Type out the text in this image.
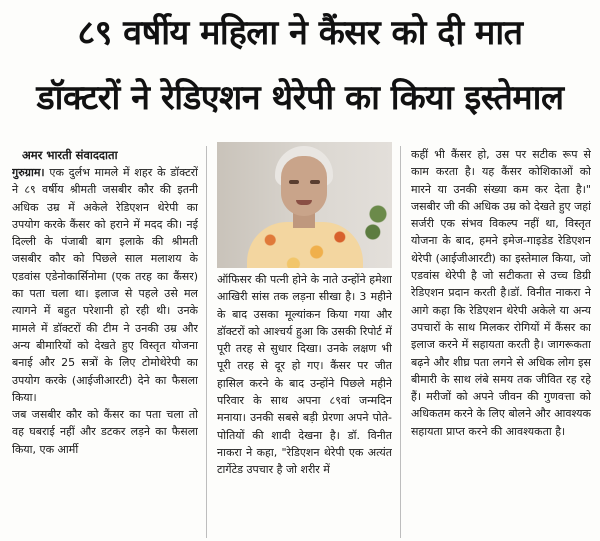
८९ वर्षीय महिला ने कैंसर को दी मात
डॉक्टरों ने रेडिएशन थेरेपी का किया इस्तेमाल
अमर भारती संवाददाता

गुरुग्राम। एक दुर्लभ मामले में शहर के डॉक्टरों ने ८९ वर्षीय श्रीमती जसबीर कौर की इतनी अधिक उम्र में अकेले रेडिएशन थेरेपी का उपयोग करके कैंसर को हराने में मदद की। नई दिल्ली के पंजाबी बाग इलाके की श्रीमती जसबीर कौर को पिछले साल मलाशय के एडवांस एडेनोकार्सिनोमा (एक तरह का कैंसर) का पता चला था। इलाज से पहले उसे मल त्यागने में बहुत परेशानी हो रही थी। उनके मामले में डॉक्टरों की टीम ने उनकी उम्र और अन्य बीमारियों को देखते हुए विस्तृत योजना बनाई और 25 सत्रों के लिए टोमोथेरेपी का उपयोग करके (आईजीआरटी) देने का फैसला किया।

जब जसबीर कौर को कैंसर का पता चला तो वह घबराई नहीं और डटकर लड़ने का फैसला किया, एक आर्मी

ऑफिसर की पत्नी होने के नाते उन्होंने हमेशा आखिरी सांस तक लड़ना सीखा है। 3 महीने के बाद उसका मूल्यांकन किया गया और डॉक्टरों को आश्चर्य हुआ कि उसकी रिपोर्ट में पूरी तरह से सुधार दिखा। उनके लक्षण भी पूरी तरह से दूर हो गए। कैंसर पर जीत हासिल करने के बाद उन्होंने पिछले महीने परिवार के साथ अपना ८९वां जन्मदिन मनाया। उनकी सबसे बड़ी प्रेरणा अपने पोते-पोतियों की शादी देखना है। डॉ. विनीत नाकरा ने कहा, "रेडिएशन थेरेपी एक अत्यंत टार्गेटेड उपचार है जो शरीर में

कहीं भी कैंसर हो, उस पर सटीक रूप से काम करता है। यह कैंसर कोशिकाओं को मारने या उनकी संख्या कम कर देता है।" जसबीर जी की अधिक उम्र को देखते हुए जहां सर्जरी एक संभव विकल्प नहीं था, विस्तृत योजना के बाद, हमने इमेज-गाइडेड रेडिएशन थेरेपी (आईजीआरटी) का इस्तेमाल किया, जो एडवांस थेरेपी है जो सटीकता से उच्च डिग्री रेडिएशन प्रदान करती है।डॉ. विनीत नाकरा ने आगे कहा कि रेडिएशन थेरेपी अकेले या अन्य उपचारों के साथ मिलकर रोगियों में कैंसर का इलाज करने में सहायता करती है। जागरूकता बढ़ने और शीघ्र पता लगने से अधिक लोग इस बीमारी के साथ लंबे समय तक जीवित रह रहे हैं। मरीजों को अपने जीवन की गुणवत्ता को अधिकतम करने के लिए बोलने और आवश्यक सहायता प्राप्त करने की आवश्यकता है।
